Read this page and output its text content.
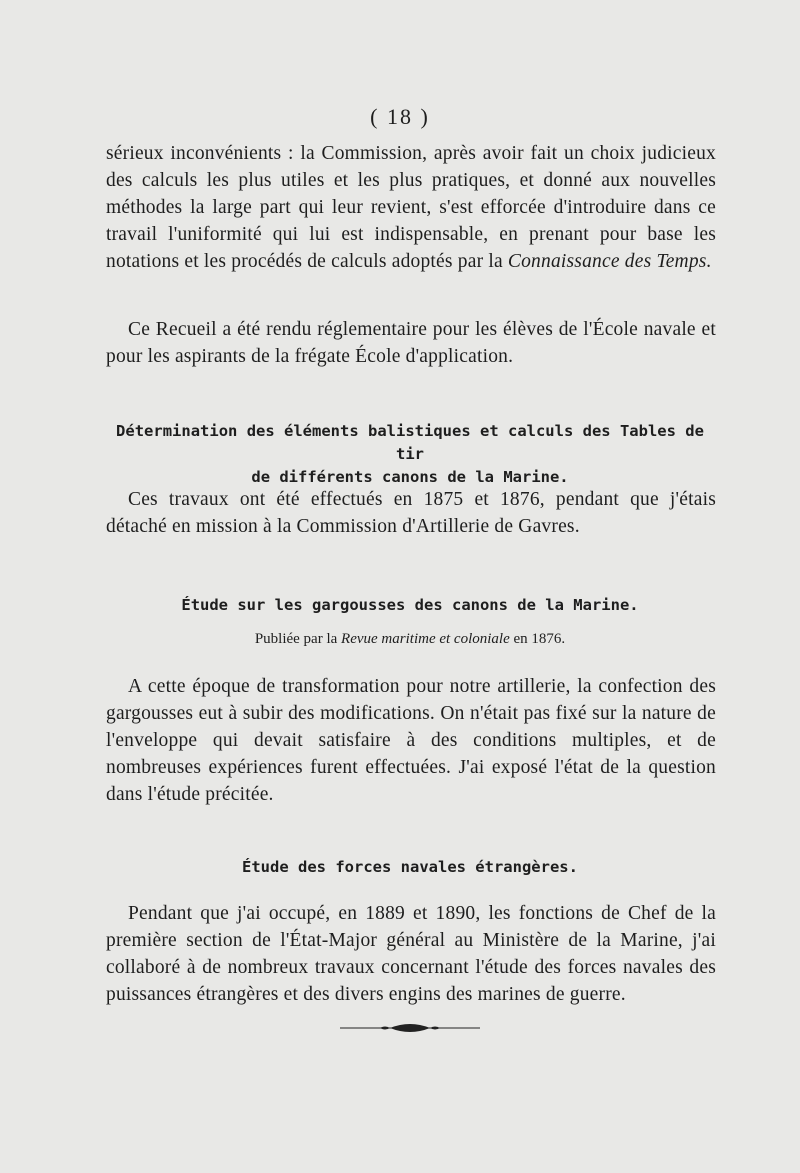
( 18 )

sérieux inconvénients : la Commission, après avoir fait un choix judicieux des calculs les plus utiles et les plus pratiques, et donné aux nouvelles méthodes la large part qui leur revient, s'est efforcée d'introduire dans ce travail l'uniformité qui lui est indispensable, en prenant pour base les notations et les procédés de calculs adoptés par la Connaissance des Temps.

Ce Recueil a été rendu réglementaire pour les élèves de l'École navale et pour les aspirants de la frégate École d'application.

Détermination des éléments balistiques et calculs des Tables de tir
de différents canons de la Marine.

Ces travaux ont été effectués en 1875 et 1876, pendant que j'étais détaché en mission à la Commission d'Artillerie de Gavres.

Étude sur les gargousses des canons de la Marine.
Publiée par la Revue maritime et coloniale en 1876.

A cette époque de transformation pour notre artillerie, la confection des gargousses eut à subir des modifications. On n'était pas fixé sur la nature de l'enveloppe qui devait satisfaire à des conditions multiples, et de nombreuses expériences furent effectuées. J'ai exposé l'état de la question dans l'étude précitée.

Étude des forces navales étrangères.

Pendant que j'ai occupé, en 1889 et 1890, les fonctions de Chef de la première section de l'État-Major général au Ministère de la Marine, j'ai collaboré à de nombreux travaux concernant l'étude des forces navales des puissances étrangères et des divers engins des marines de guerre.
